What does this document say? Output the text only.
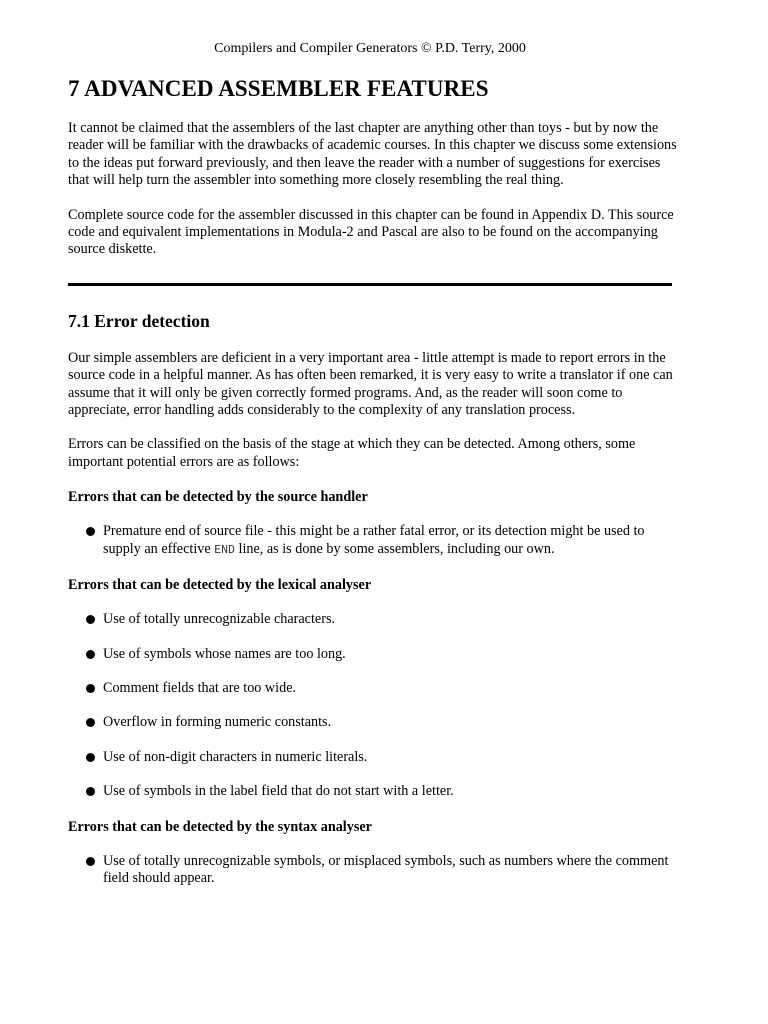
Compilers and Compiler Generators © P.D. Terry, 2000
7 ADVANCED ASSEMBLER FEATURES

It cannot be claimed that the assemblers of the last chapter are anything other than toys - but by now the reader will be familiar with the drawbacks of academic courses. In this chapter we discuss some extensions to the ideas put forward previously, and then leave the reader with a number of suggestions for exercises that will help turn the assembler into something more closely resembling the real thing.

Complete source code for the assembler discussed in this chapter can be found in Appendix D. This source code and equivalent implementations in Modula-2 and Pascal are also to be found on the accompanying source diskette.

7.1 Error detection

Our simple assemblers are deficient in a very important area - little attempt is made to report errors in the source code in a helpful manner. As has often been remarked, it is very easy to write a translator if one can assume that it will only be given correctly formed programs. And, as the reader will soon come to appreciate, error handling adds considerably to the complexity of any translation process.

Errors can be classified on the basis of the stage at which they can be detected. Among others, some important potential errors are as follows:

Errors that can be detected by the source handler
Premature end of source file - this might be a rather fatal error, or its detection might be used to supply an effective END line, as is done by some assemblers, including our own.
Errors that can be detected by the lexical analyser
Use of totally unrecognizable characters.
Use of symbols whose names are too long.
Comment fields that are too wide.
Overflow in forming numeric constants.
Use of non-digit characters in numeric literals.
Use of symbols in the label field that do not start with a letter.
Errors that can be detected by the syntax analyser
Use of totally unrecognizable symbols, or misplaced symbols, such as numbers where the comment field should appear.
